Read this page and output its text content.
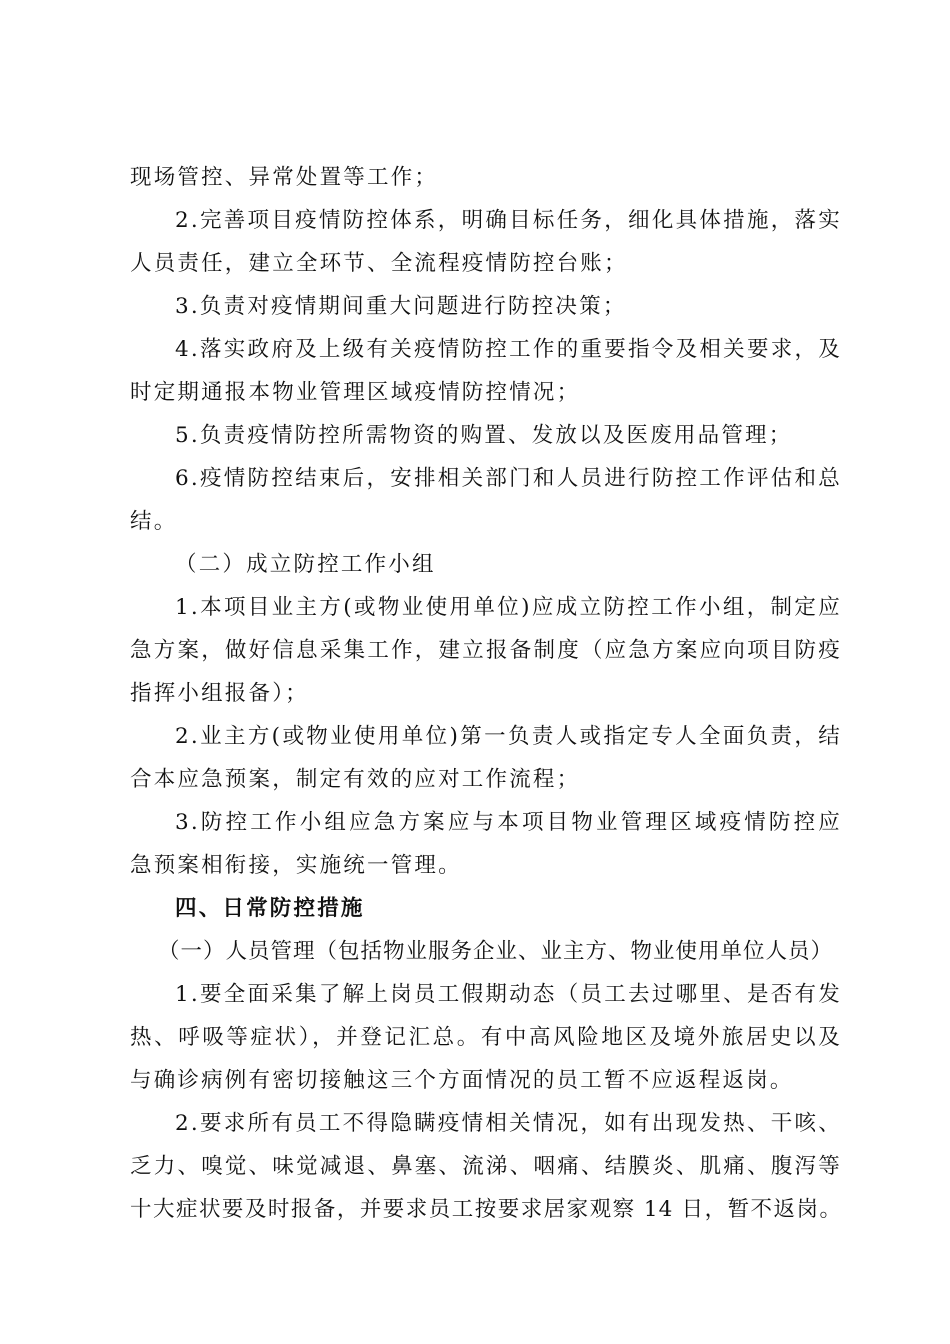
现场管控、异常处置等工作；
2.完善项目疫情防控体系，明确目标任务，细化具体措施，落实
人员责任，建立全环节、全流程疫情防控台账；
3.负责对疫情期间重大问题进行防控决策；
4.落实政府及上级有关疫情防控工作的重要指令及相关要求，及
时定期通报本物业管理区域疫情防控情况；
5.负责疫情防控所需物资的购置、发放以及医废用品管理；
6.疫情防控结束后，安排相关部门和人员进行防控工作评估和总
结。
（二）成立防控工作小组
1.本项目业主方(或物业使用单位)应成立防控工作小组，制定应
急方案，做好信息采集工作，建立报备制度（应急方案应向项目防疫
指挥小组报备）；
2.业主方(或物业使用单位)第一负责人或指定专人全面负责，结
合本应急预案，制定有效的应对工作流程；
3.防控工作小组应急方案应与本项目物业管理区域疫情防控应
急预案相衔接，实施统一管理。
四、日常防控措施
（一）人员管理（包括物业服务企业、业主方、物业使用单位人员）
1.要全面采集了解上岗员工假期动态（员工去过哪里、是否有发
热、呼吸等症状），并登记汇总。有中高风险地区及境外旅居史以及
与确诊病例有密切接触这三个方面情况的员工暂不应返程返岗。
2.要求所有员工不得隐瞒疫情相关情况，如有出现发热、干咳、
乏力、嗅觉、味觉减退、鼻塞、流涕、咽痛、结膜炎、肌痛、腹泻等
十大症状要及时报备，并要求员工按要求居家观察 14 日，暂不返岗。
